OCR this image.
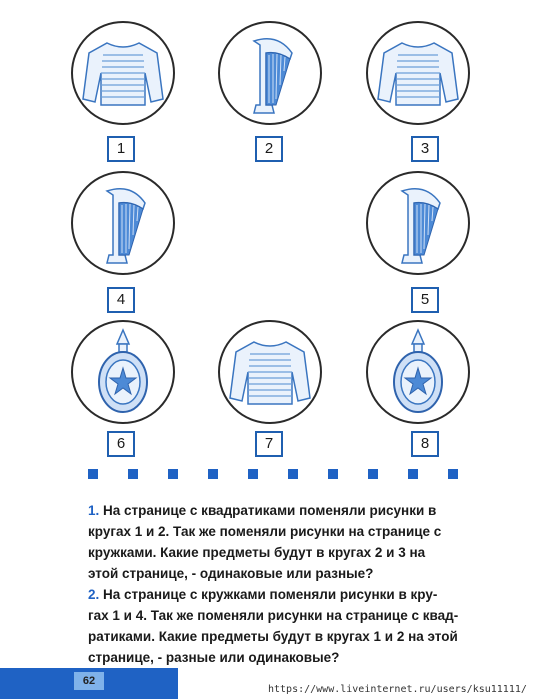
1	2	3
4	5
6	7	8
1. На странице с квадратиками поменяли рисунки в
кругах 1 и 2. Так же поменяли рисунки на странице с
кружками. Какие предметы будут в кругах 2 и 3 на
этой странице, - одинаковые или разные?
2. На странице с кружками поменяли рисунки в кру-
гах 1 и 4. Так же поменяли рисунки на странице с квад-
ратиками. Какие предметы будут в кругах 1 и 2 на этой
странице, - разные или одинаковые?
62
https://www.liveinternet.ru/users/ksu11111/
